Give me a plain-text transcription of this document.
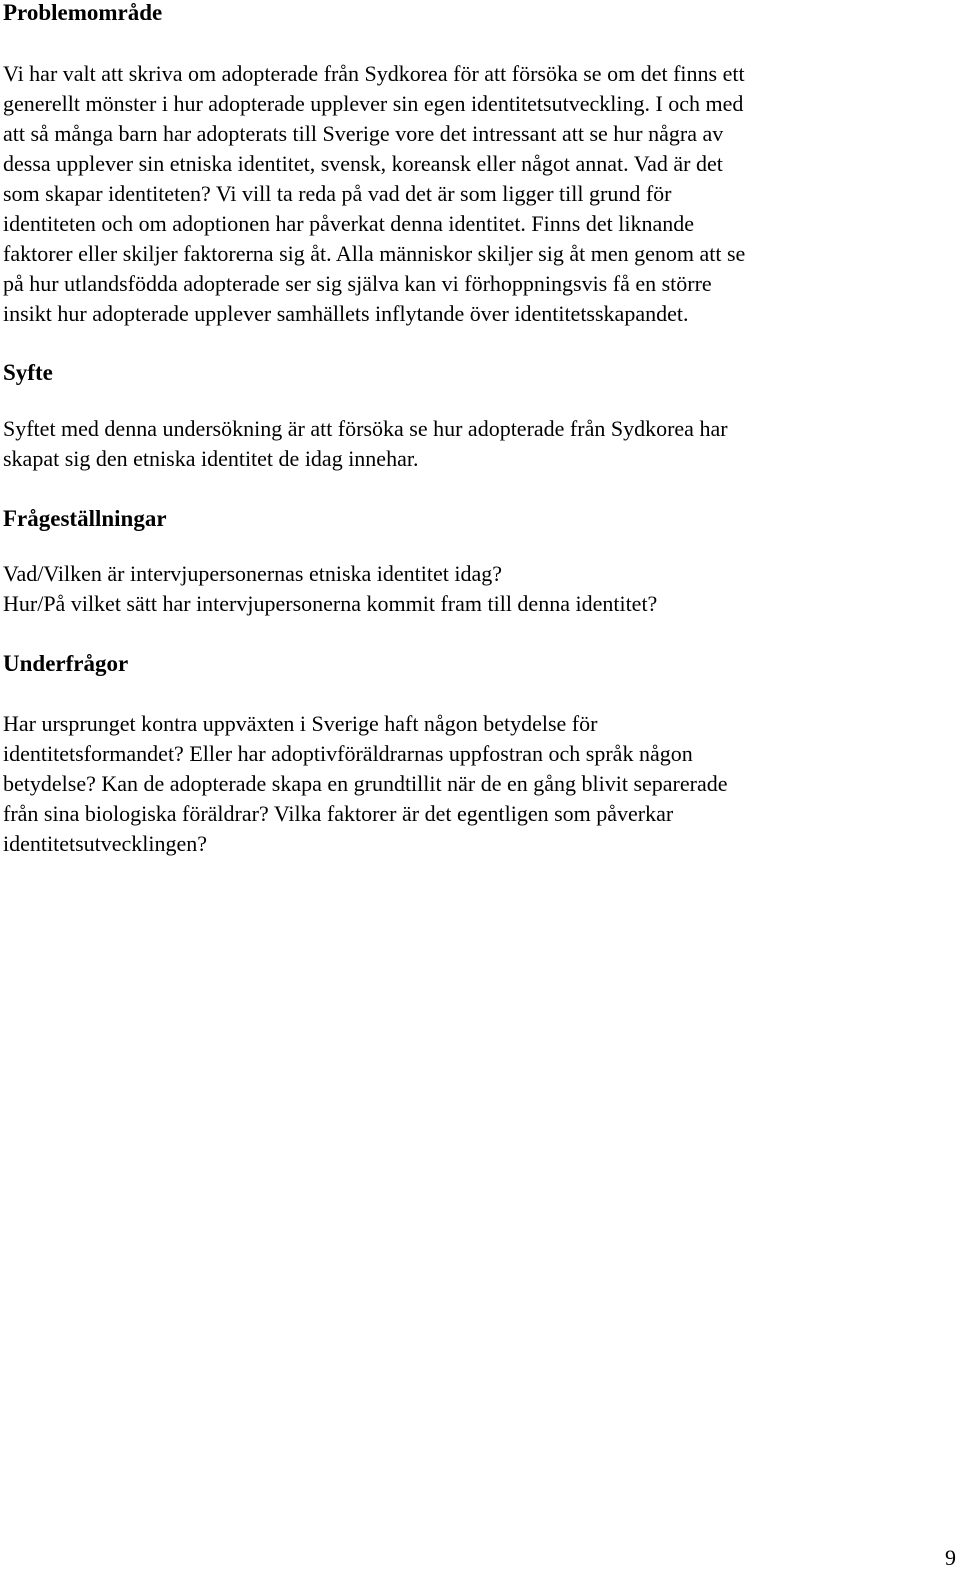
Problemområde

Vi har valt att skriva om adopterade från Sydkorea för att försöka se om det finns ett
generellt mönster i hur adopterade upplever sin egen identitetsutveckling. I och med
att så många barn har adopterats till Sverige vore det intressant att se hur några av
dessa upplever sin etniska identitet, svensk, koreansk eller något annat. Vad är det
som skapar identiteten? Vi vill ta reda på vad det är som ligger till grund för
identiteten och om adoptionen har påverkat denna identitet. Finns det liknande
faktorer eller skiljer faktorerna sig åt. Alla människor skiljer sig åt men genom att se
på hur utlandsfödda adopterade ser sig själva kan vi förhoppningsvis få en större
insikt hur adopterade upplever samhällets inflytande över identitetsskapandet.

Syfte

Syftet med denna undersökning är att försöka se hur adopterade från Sydkorea har
skapat sig den etniska identitet de idag innehar.

Frågeställningar

Vad/Vilken är intervjupersonernas etniska identitet idag?
Hur/På vilket sätt har intervjupersonerna kommit fram till denna identitet?

Underfrågor

Har ursprunget kontra uppväxten i Sverige haft någon betydelse för
identitetsformandet? Eller har adoptivföräldrarnas uppfostran och språk någon
betydelse? Kan de adopterade skapa en grundtillit när de en gång blivit separerade
från sina biologiska föräldrar? Vilka faktorer är det egentligen som påverkar
identitetsutvecklingen?

9
